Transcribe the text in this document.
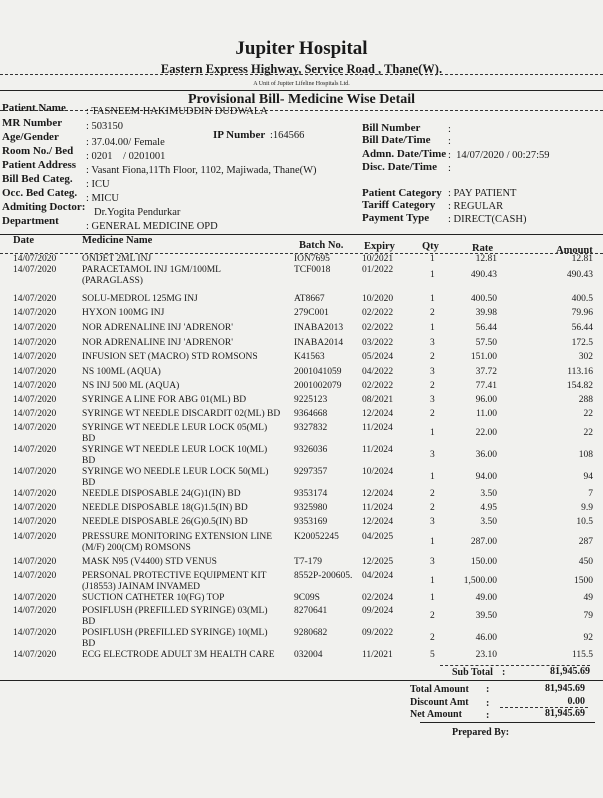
Jupiter Hospital
Eastern Express Highway, Service Road , Thane(W).
A Unit of Jupiter Lifeline Hospitals Ltd.
Provisional Bill- Medicine Wise Detail
Patient Name : TASNEEM HAKIMUDDIN DUDWALA
MR Number : 503150
Age/Gender	: 37.04.00/ Female
IP Number :164566
Room No./ Bed : 0201    / 0201001
Patient Address : Vasant Fiona,11Th Floor, 1102, Majiwada, Thane(W)
Bill Bed Categ. : ICU
Occ. Bed Categ. : MICU
Admiting Doctor: Dr.Yogita Pendurkar
Department	: GENERAL MEDICINE OPD
Bill Number	:
Bill Date/Time :
Admn. Date/Time :  14/07/2020 / 00:27:59
Disc. Date/Time :
Patient Category : PAY PATIENT
Tariff Category : REGULAR
Payment Type : DIRECT(CASH)
Date	Medicine Name	Batch No. Expiry	Qty	Rate	Amount
14/07/2020	ONDET 2ML INJ	ION7695	10/2021	1	12.81	12.81
14/07/2020	PARACETAMOL INJ 1GM/100ML	TCF0018	01/2022	1	490.43	490.43
(PARAGLASS)
14/07/2020	SOLU-MEDROL 125MG INJ	AT8667	10/2020	1	400.50	400.5
14/07/2020	HYXON 100MG INJ	279C001	02/2022	2	39.98	79.96
14/07/2020	NOR ADRENALINE INJ 'ADRENOR'	INABA2013 02/2022	1	56.44	56.44
14/07/2020	NOR ADRENALINE INJ 'ADRENOR'	INABA2014 03/2022	3	57.50	172.5
14/07/2020	INFUSION SET (MACRO) STD ROMSONS	K41563	05/2024	2	151.00	302
14/07/2020	NS 100ML (AQUA)	2001041059 04/2022	3	37.72	113.16
14/07/2020	NS INJ 500 ML (AQUA)	2001002079 02/2022	2	77.41	154.82
14/07/2020	SYRINGE A LINE FOR ABG 01(ML) BD	9225123	08/2021	3	96.00	288
14/07/2020	SYRINGE WT NEEDLE DISCARDIT 02(ML) BD 9364668	12/2024	2	11.00	22
14/07/2020	SYRINGE WT NEEDLE LEUR LOCK 05(ML)	9327832	11/2024	1	22.00	22
BD
14/07/2020	SYRINGE WT NEEDLE LEUR LOCK 10(ML)	9326036	11/2024	3	36.00	108
BD
14/07/2020	SYRINGE WO NEEDLE LEUR LOCK 50(ML)	9297357	10/2024	1	94.00	94
BD
14/07/2020	NEEDLE DISPOSABLE 24(G)1(IN) BD	9353174	12/2024	2	3.50	7
14/07/2020	NEEDLE DISPOSABLE 18(G)1.5(IN) BD	9325980	11/2024	2	4.95	9.9
14/07/2020	NEEDLE DISPOSABLE 26(G)0.5(IN) BD	9353169	12/2024	3	3.50	10.5
14/07/2020	PRESSURE MONITORING EXTENSION LINE K20052245 04/2025	1	287.00	287
(M/F) 200(CM) ROMSONS
14/07/2020	MASK N95 (V4400) STD VENUS	T7-179	12/2025	3	150.00	450
14/07/2020	PERSONAL PROTECTIVE EQUIPMENT KIT	8552P-200605. 04/2024	1	1,500.00	1500
(J18553) JAINAM INVAMED
14/07/2020	SUCTION CATHETER 10(FG) TOP	9C09S	02/2024	1	49.00	49
14/07/2020	POSIFLUSH (PREFILLED SYRINGE) 03(ML)	8270641	09/2024	2	39.50	79
BD
14/07/2020	POSIFLUSH (PREFILLED SYRINGE) 10(ML)	9280682	09/2022	2	46.00	92
BD
14/07/2020	ECG ELECTRODE ADULT 3M HEALTH CARE 032004	11/2021	5	23.10	115.5
Sub Total :	81,945.69
Total Amount :	81,945.69
Discount Amt :	0.00
Net Amount :	81,945.69
Prepared By:
